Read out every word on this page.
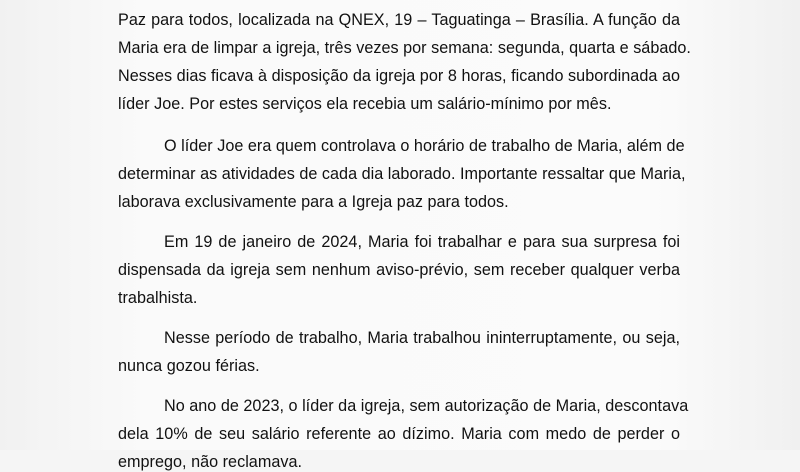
Paz para todos, localizada na QNEX, 19 – Taguatinga – Brasília. A função da
Maria era de limpar a igreja, três vezes por semana: segunda, quarta e sábado.
Nesses dias ficava à disposição da igreja por 8 horas, ficando subordinada ao
líder Joe. Por estes serviços ela recebia um salário-mínimo por mês.
O líder Joe era quem controlava o horário de trabalho de Maria, além de
determinar as atividades de cada dia laborado. Importante ressaltar que Maria,
laborava exclusivamente para a Igreja paz para todos.
Em 19 de janeiro de 2024, Maria foi trabalhar e para sua surpresa foi
dispensada da igreja sem nenhum aviso-prévio, sem receber qualquer verba
trabalhista.
Nesse período de trabalho, Maria trabalhou ininterruptamente, ou seja,
nunca gozou férias.
No ano de 2023, o líder da igreja, sem autorização de Maria, descontava
dela 10% de seu salário referente ao dízimo. Maria com medo de perder o
emprego, não reclamava.
